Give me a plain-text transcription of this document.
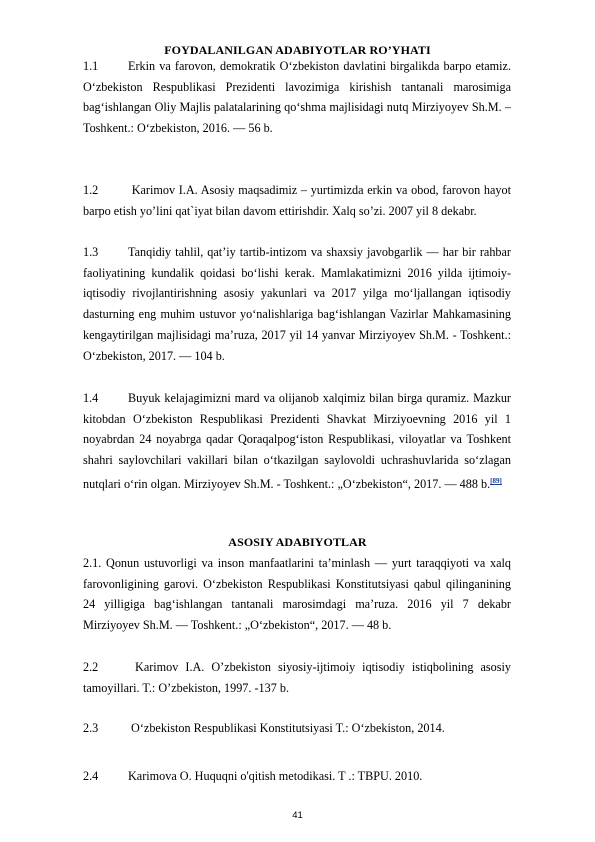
FOYDALANILGAN ADABIYOTLAR RO’YHATI

1.1 Erkin va farovon, demokratik O‘zbekiston davlatini birgalikda barpo etamiz. O‘zbekiston Respublikasi Prezidenti lavozimiga kirishish tantanali marosimiga bag‘ishlangan Oliy Majlis palatalarining qo‘shma majlisidagi nutq Mirziyoyev Sh.M. – Toshkent.: O‘zbekiston, 2016. — 56 b.

1.2 Karimov I.A. Asosiy maqsadimiz – yurtimizda erkin va obod, farovon hayot barpo etish yo’lini qat`iyat bilan davom ettirishdir. Xalq so’zi. 2007 yil 8 dekabr.

1.3 Tanqidiy tahlil, qat’iy tartib-intizom va shaxsiy javobgarlik — har bir rahbar faoliyatining kundalik qoidasi bo‘lishi kerak. Mamlakatimizni 2016 yilda ijtimoiy-iqtisodiy rivojlantirishning asosiy yakunlari va 2017 yilga mo‘ljallangan iqtisodiy dasturning eng muhim ustuvor yo‘nalishlariga bag‘ishlangan Vazirlar Mahkamasining kengaytirilgan majlisidagi ma’ruza, 2017 yil 14 yanvar Mirziyoyev Sh.M. - Toshkent.: O‘zbekiston, 2017. — 104 b.

1.4 Buyuk kelajagimizni mard va olijanob xalqimiz bilan birga quramiz. Mazkur kitobdan O‘zbekiston Respublikasi Prezidenti Shavkat Mirziyoevning 2016 yil 1 noyabrdan 24 noyabrga qadar Qoraqalpog‘iston Respublikasi, viloyatlar va Toshkent shahri saylovchilari vakillari bilan o‘tkazilgan saylovoldi uchrashuvlarida so‘zlagan nutqlari o‘rin olgan. Mirziyoyev Sh.M. - Toshkent.: „O‘zbekiston“, 2017. — 488 b.[89]

ASOSIY ADABIYOTLAR

2.1. Qonun ustuvorligi va inson manfaatlarini ta’minlash — yurt taraqqiyoti va xalq farovonligining garovi. O‘zbekiston Respublikasi Konstitutsiyasi qabul qilinganining 24 yilligiga bag‘ishlangan tantanali marosimdagi ma’ruza. 2016 yil 7 dekabr Mirziyoyev Sh.M. — Toshkent.: „O‘zbekiston“, 2017. — 48 b.

2.2 Karimov I.A. O’zbekiston siyosiy-ijtimoiy iqtisodiy istiqbolining asosiy tamoyillari. T.: O’zbekiston, 1997. -137 b.

2.3 O‘zbekiston Respublikasi Konstitutsiyasi T.: O‘zbekiston, 2014.

2.4 Karimova O. Huquqni o'qitish metodikasi. T .: TBPU. 2010.

41
